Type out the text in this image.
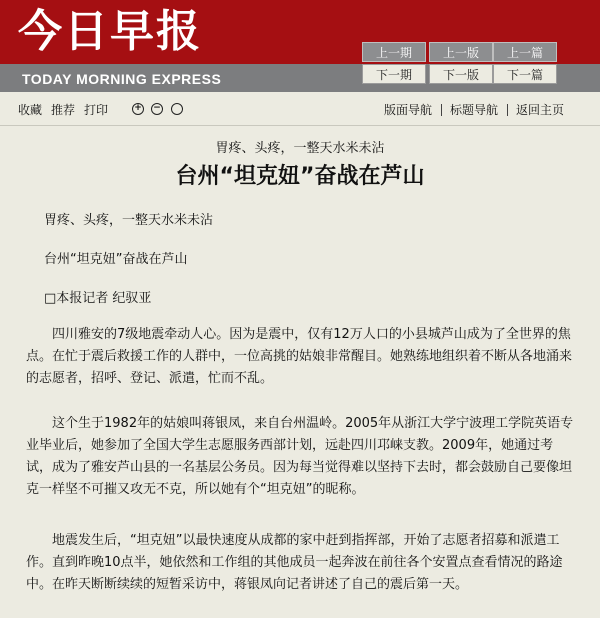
今日早报
TODAY MORNING EXPRESS
上一期	上一版	上一篇
下一期	下一版	下一篇
收藏 推荐 打印	+ −	版面导航 标题导航 返回主页
胃疼、头疼，一整天水米未沾
台州“坦克妞”奋战在芦山
胃疼、头疼，一整天水米未沾
台州“坦克妞”奋战在芦山
□本报记者 纪驭亚
四川雅安的7级地震牵动人心。因为是震中，仅有12万人口的小县城芦山成为了全世界的焦点。在忙于震后救援工作的人群中，一位高挑的姑娘非常醒目。她熟练地组织着不断从各地涌来的志愿者，招呼、登记、派遣，忙而不乱。
这个生于1982年的姑娘叫蒋银凤，来自台州温岭。2005年从浙江大学宁波理工学院英语专业毕业后，她参加了全国大学生志愿服务西部计划，远赴四川邛崃支教。2009年，她通过考试，成为了雅安芦山县的一名基层公务员。因为每当觉得难以坚持下去时，都会鼓励自己要像坦克一样坚不可摧又攻无不克，所以她有个“坦克妞”的昵称。
地震发生后，“坦克妞”以最快速度从成都的家中赶到指挥部，开始了志愿者招募和派遣工作。直到昨晚10点半，她依然和工作组的其他成员一起奔波在前往各个安置点查看情况的路途中。在昨天断断续续的短暂采访中，蒋银凤向记者讲述了自己的震后第一天。
